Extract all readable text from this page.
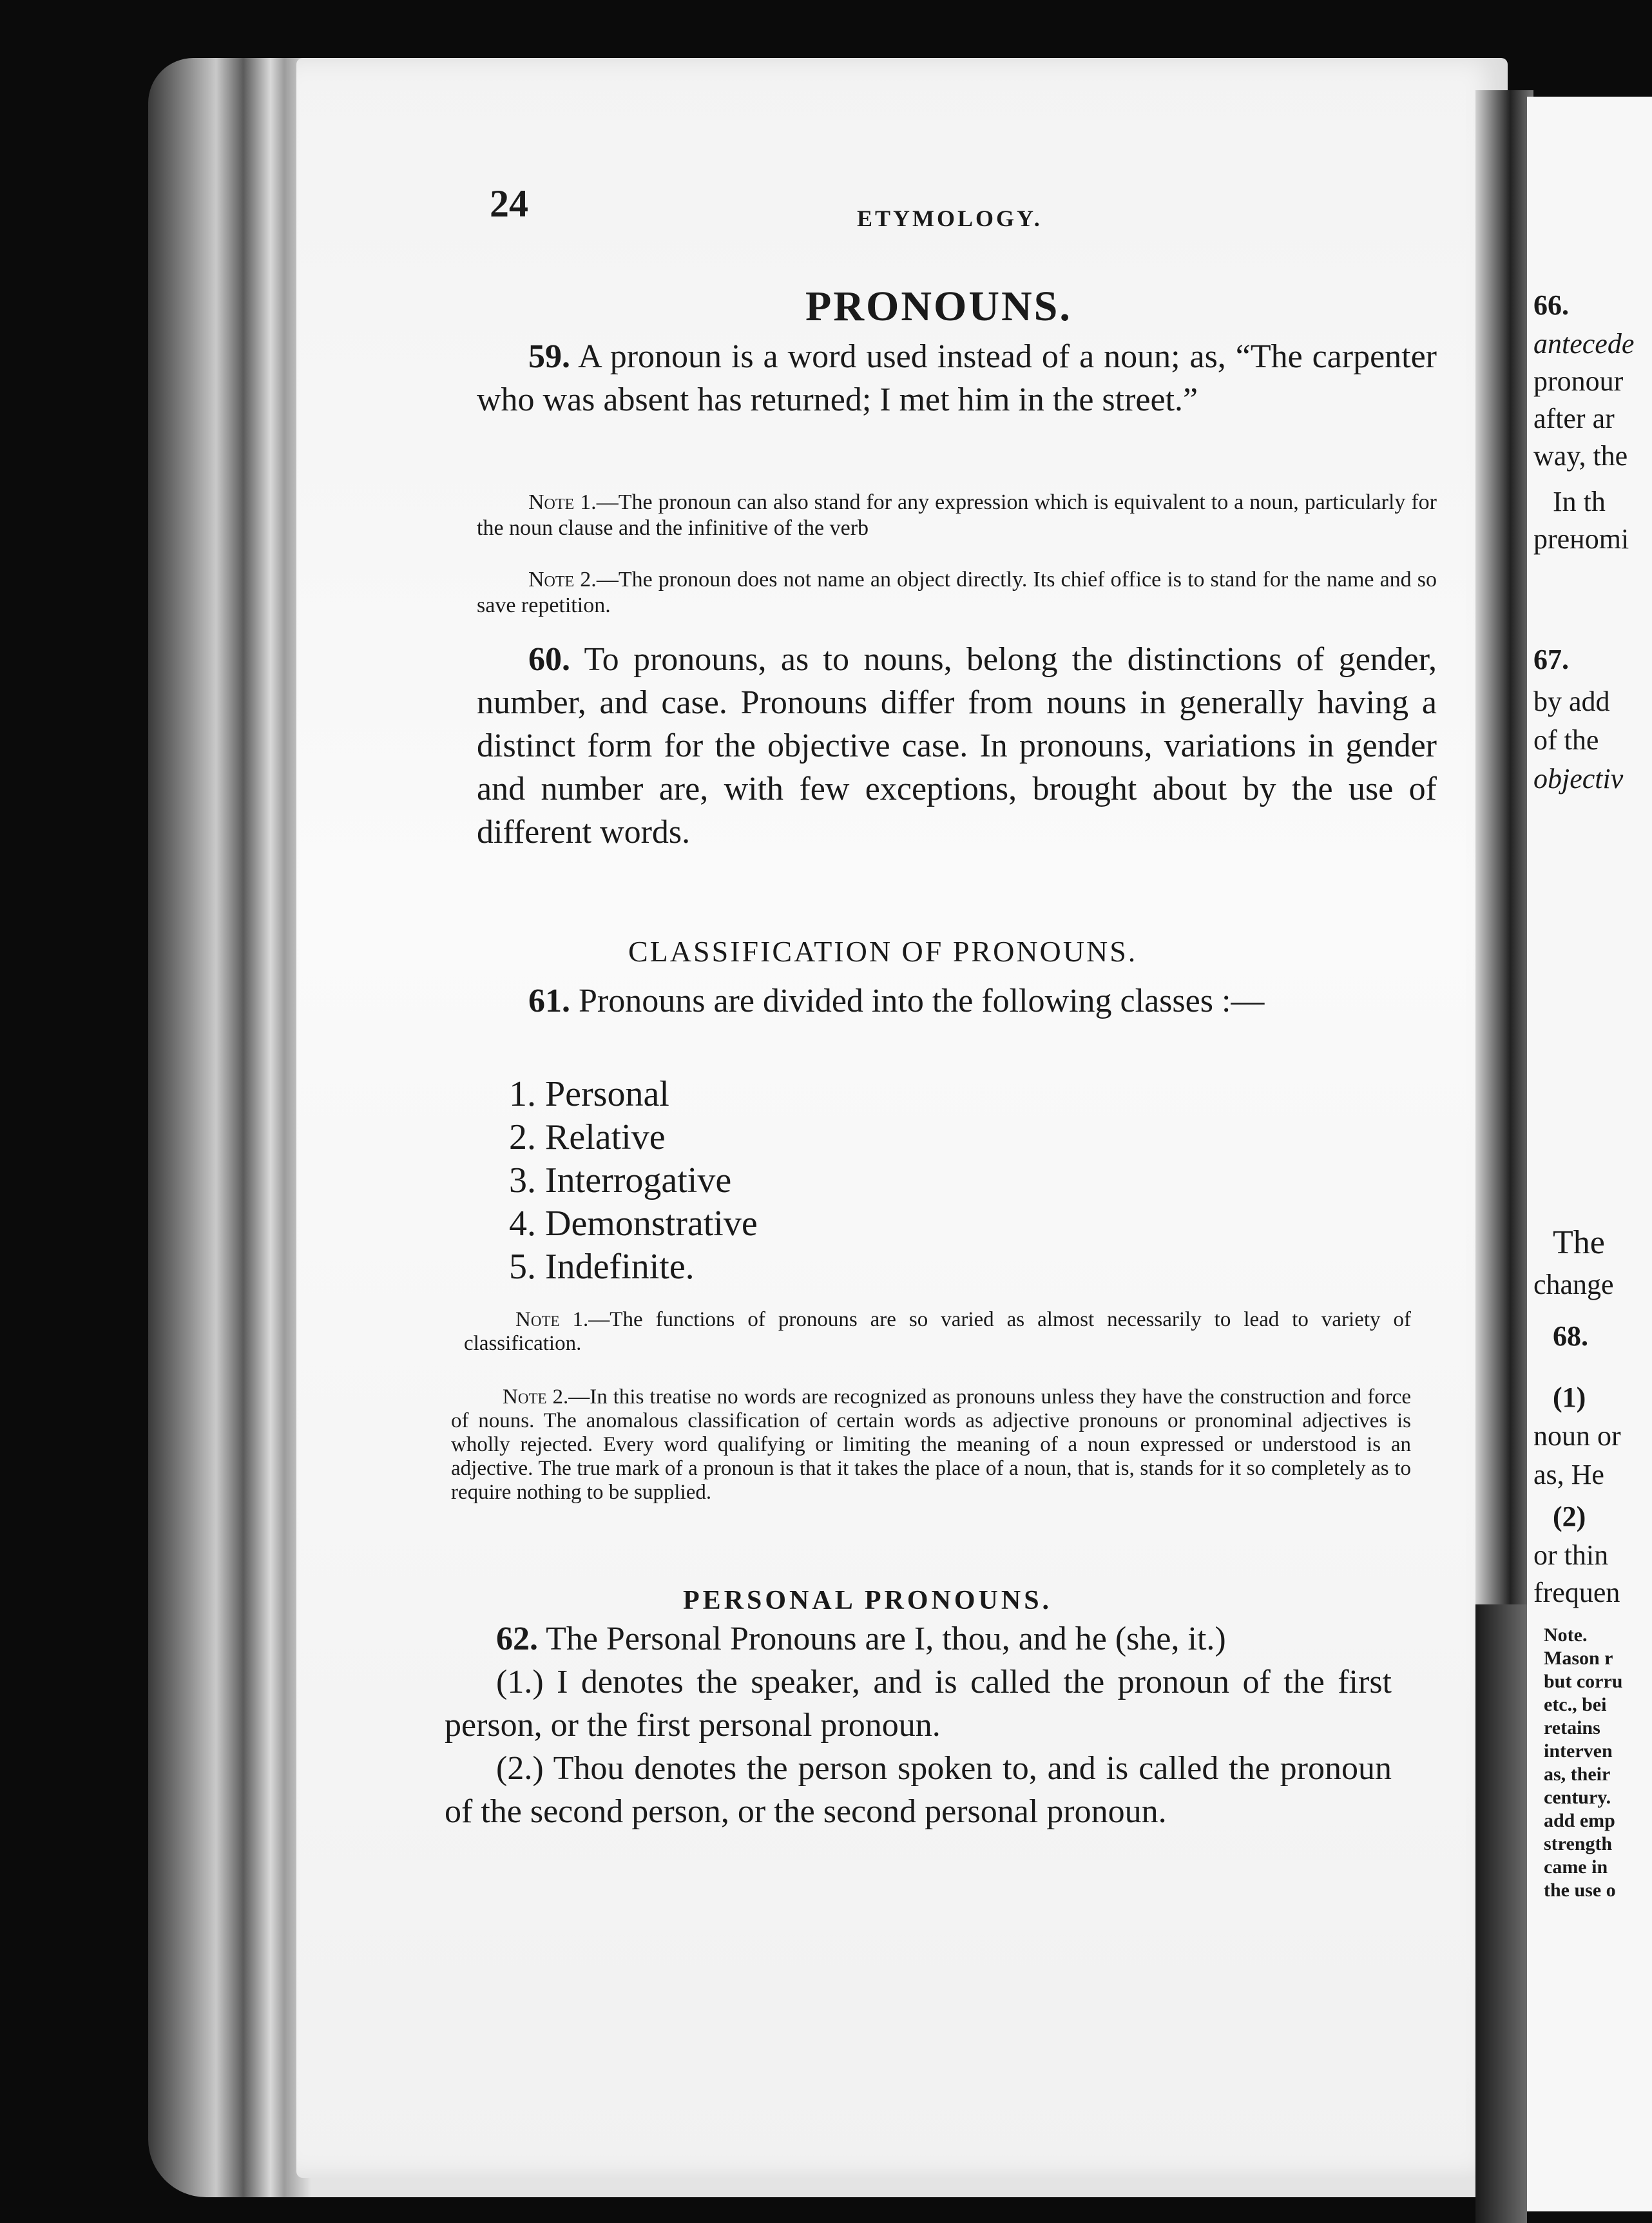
66.
antecede
pronour
after ar
way, the
In th
preнomi
67.
by add
of the
objectiv
The
change
68.
(1)
noun or
as, He
(2)
or thin
frequen
Note.
Mason r
but corru
etc., bei
retains
interven
as, their
century.
add emp
strength
came in
the use o
24	ETYMOLOGY.
PRONOUNS.
59. A pronoun is a word used instead of a noun; as, “The carpenter who was absent has returned; I met him in the street.”
Note 1.—The pronoun can also stand for any expression which is equivalent to a noun, particularly for the noun clause and the infinitive of the verb
Note 2.—The pronoun does not name an object directly. Its chief office is to stand for the name and so save repetition.
60. To pronouns, as to nouns, belong the distinctions of gender, number, and case. Pronouns differ from nouns in generally having a distinct form for the objective case. In pronouns, variations in gender and number are, with few exceptions, brought about by the use of different words.
CLASSIFICATION OF PRONOUNS.
61. Pronouns are divided into the following classes :—
1. Personal
2. Relative
3. Interrogative
4. Demonstrative
5. Indefinite.
Note 1.—The functions of pronouns are so varied as almost necessarily to lead to variety of classification.
Note 2.—In this treatise no words are recognized as pronouns unless they have the construction and force of nouns. The anomalous classification of certain words as adjective pronouns or pronominal adjectives is wholly rejected. Every word qualifying or limiting the meaning of a noun expressed or understood is an adjective. The true mark of a pronoun is that it takes the place of a noun, that is, stands for it so completely as to require nothing to be supplied.
PERSONAL PRONOUNS.

62. The Personal Pronouns are I, thou, and he (she, it.)

(1.) I denotes the speaker, and is called the pronoun of the first person, or the first personal pronoun.

(2.) Thou denotes the person spoken to, and is called the pronoun of the second person, or the second personal pronoun.
